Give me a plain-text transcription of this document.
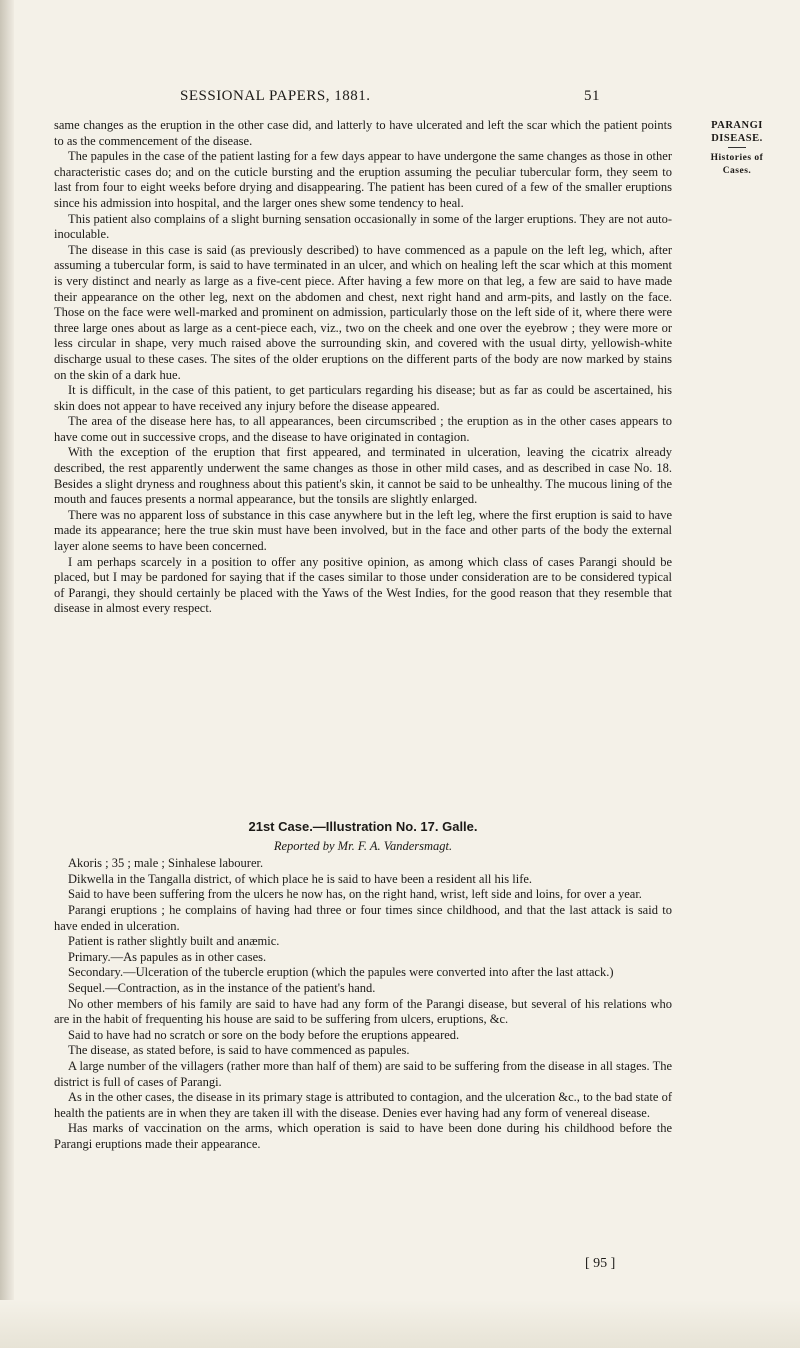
SESSIONAL PAPERS, 1881.	51
PARANGI
DISEASE.
Histories of
Cases.

same changes as the eruption in the other case did, and latterly to have ulcerated and left the scar which the patient points to as the commencement of the disease.

The papules in the case of the patient lasting for a few days appear to have undergone the same changes as those in other characteristic cases do; and on the cuticle bursting and the eruption assuming the peculiar tubercular form, they seem to last from four to eight weeks before drying and disappearing. The patient has been cured of a few of the smaller eruptions since his admission into hospital, and the larger ones shew some tendency to heal.

This patient also complains of a slight burning sensation occasionally in some of the larger eruptions. They are not auto-inoculable.

The disease in this case is said (as previously described) to have commenced as a papule on the left leg, which, after assuming a tubercular form, is said to have terminated in an ulcer, and which on healing left the scar which at this moment is very distinct and nearly as large as a five-cent piece. After having a few more on that leg, a few are said to have made their appearance on the other leg, next on the abdomen and chest, next right hand and arm-pits, and lastly on the face. Those on the face were well-marked and prominent on admission, particularly those on the left side of it, where there were three large ones about as large as a cent-piece each, viz., two on the cheek and one over the eyebrow ; they were more or less circular in shape, very much raised above the surrounding skin, and covered with the usual dirty, yellowish-white discharge usual to these cases. The sites of the older eruptions on the different parts of the body are now marked by stains on the skin of a dark hue.

It is difficult, in the case of this patient, to get particulars regarding his disease; but as far as could be ascertained, his skin does not appear to have received any injury before the disease appeared.

The area of the disease here has, to all appearances, been circumscribed ; the eruption as in the other cases appears to have come out in successive crops, and the disease to have originated in contagion.

With the exception of the eruption that first appeared, and terminated in ulceration, leaving the cicatrix already described, the rest apparently underwent the same changes as those in other mild cases, and as described in case No. 18. Besides a slight dryness and roughness about this patient's skin, it cannot be said to be unhealthy. The mucous lining of the mouth and fauces presents a normal appearance, but the tonsils are slightly enlarged.

There was no apparent loss of substance in this case anywhere but in the left leg, where the first eruption is said to have made its appearance; here the true skin must have been involved, but in the face and other parts of the body the external layer alone seems to have been concerned.

I am perhaps scarcely in a position to offer any positive opinion, as among which class of cases Parangi should be placed, but I may be pardoned for saying that if the cases similar to those under consideration are to be considered typical of Parangi, they should certainly be placed with the Yaws of the West Indies, for the good reason that they resemble that disease in almost every respect.

21st Case.—Illustration No. 17. Galle.

Reported by Mr. F. A. Vandersmagt.

Akoris ; 35 ; male ; Sinhalese labourer.

Dikwella in the Tangalla district, of which place he is said to have been a resident all his life.

Said to have been suffering from the ulcers he now has, on the right hand, wrist, left side and loins, for over a year.

Parangi eruptions ; he complains of having had three or four times since childhood, and that the last attack is said to have ended in ulceration.

Patient is rather slightly built and anæmic.

Primary.—As papules as in other cases.

Secondary.—Ulceration of the tubercle eruption (which the papules were converted into after the last attack.)

Sequel.—Contraction, as in the instance of the patient's hand.

No other members of his family are said to have had any form of the Parangi disease, but several of his relations who are in the habit of frequenting his house are said to be suffering from ulcers, eruptions, &c.

Said to have had no scratch or sore on the body before the eruptions appeared.

The disease, as stated before, is said to have commenced as papules.

A large number of the villagers (rather more than half of them) are said to be suffering from the disease in all stages. The district is full of cases of Parangi.

As in the other cases, the disease in its primary stage is attributed to contagion, and the ulceration &c., to the bad state of health the patients are in when they are taken ill with the disease. Denies ever having had any form of venereal disease.

Has marks of vaccination on the arms, which operation is said to have been done during his childhood before the Parangi eruptions made their appearance.

[ 95 ]
